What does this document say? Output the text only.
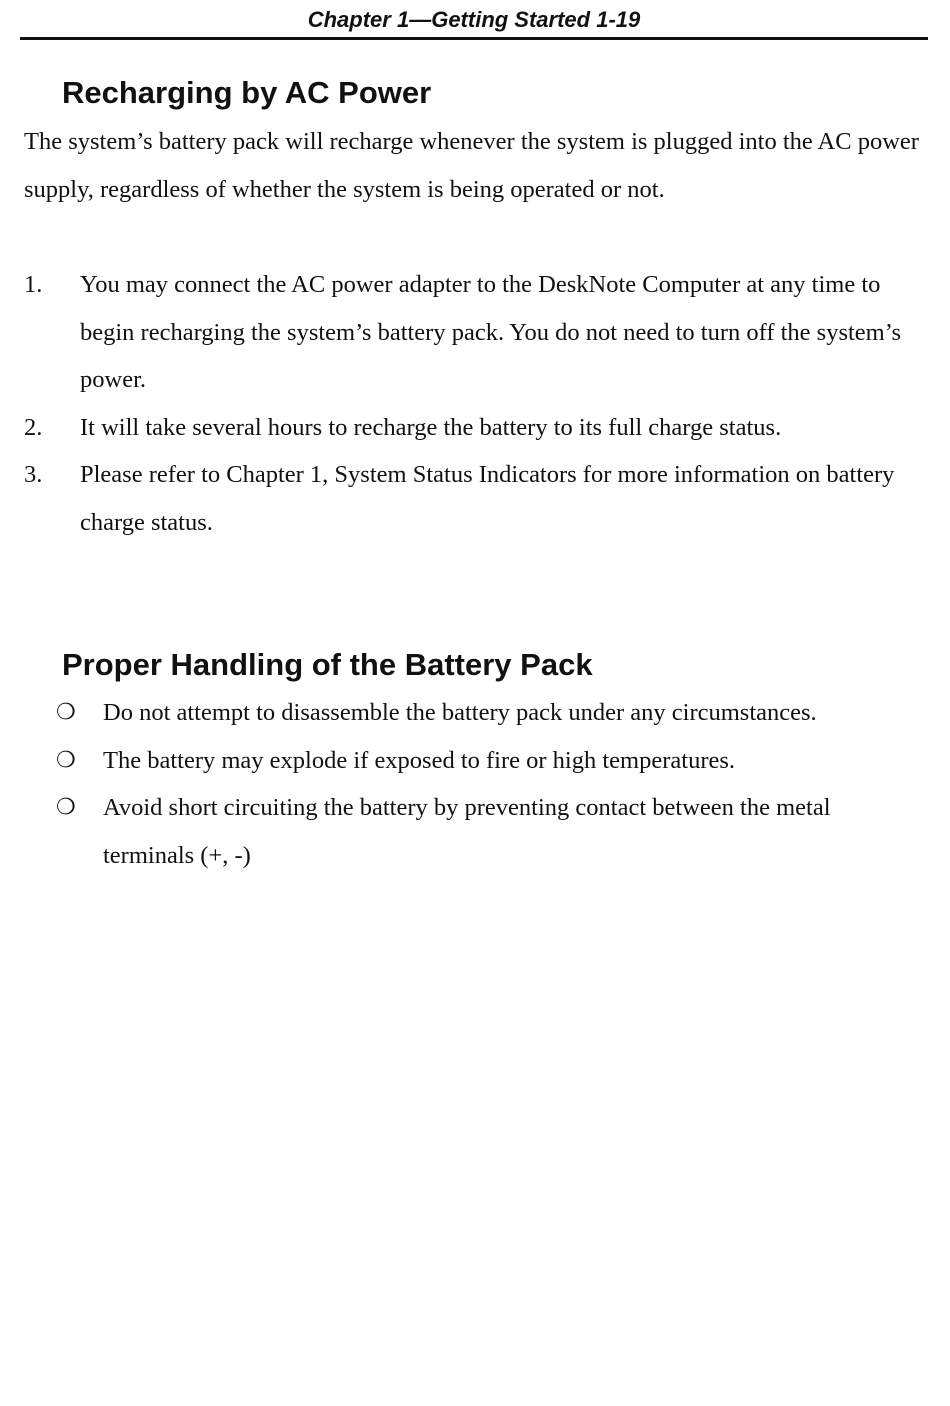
Chapter 1—Getting Started 1-19
Recharging by AC Power

The system’s battery pack will recharge whenever the system is plugged into the AC power supply, regardless of whether the system is being operated or not.

1. You may connect the AC power adapter to the DeskNote Computer at any time to begin recharging the system’s battery pack. You do not need to turn off the system’s power.
2. It will take several hours to recharge the battery to its full charge status.
3. Please refer to Chapter 1, System Status Indicators for more information on battery charge status.
Proper Handling of the Battery Pack
❍ Do not attempt to disassemble the battery pack under any circumstances.
❍ The battery may explode if exposed to fire or high temperatures.
❍ Avoid short circuiting the battery by preventing contact between the metal terminals (+, -)
